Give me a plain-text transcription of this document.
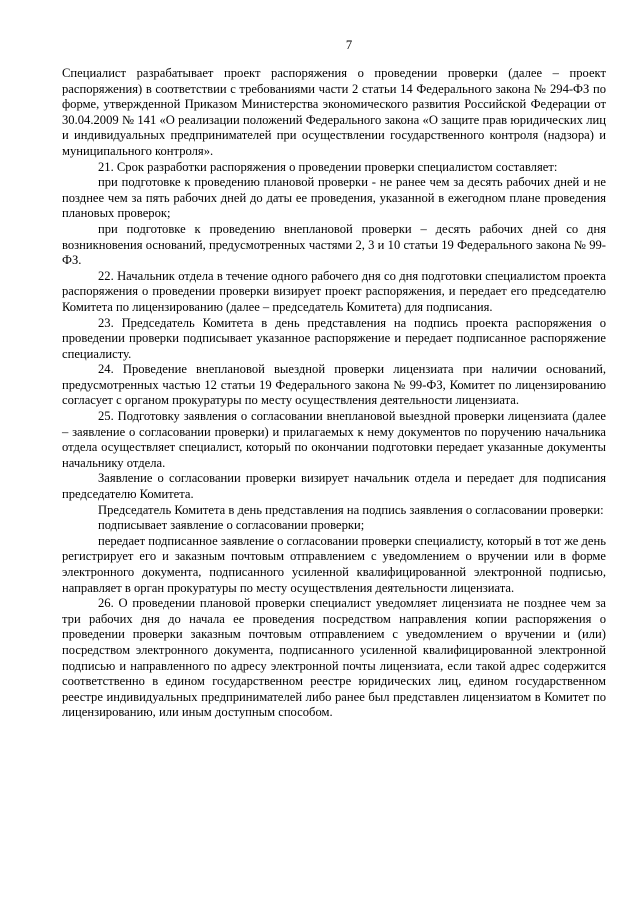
7

Специалист разрабатывает проект распоряжения о проведении проверки (далее – проект распоряжения) в соответствии с требованиями части 2 статьи 14 Федерального закона № 294-ФЗ по форме, утвержденной Приказом Министерства экономического развития Российской Федерации от 30.04.2009 № 141 «О реализации положений Федерального закона «О защите прав юридических лиц и индивидуальных предпринимателей при осуществлении государственного контроля (надзора) и муниципального контроля».

21. Срок разработки распоряжения о проведении проверки специалистом составляет:

при подготовке к проведению плановой проверки - не ранее чем за десять рабочих дней и не позднее чем за пять рабочих дней до даты ее проведения, указанной в ежегодном плане проведения плановых проверок;

при подготовке к проведению внеплановой проверки – десять рабочих дней со дня возникновения оснований, предусмотренных частями 2, 3 и 10 статьи 19 Федерального закона № 99-ФЗ.

22. Начальник отдела в течение одного рабочего дня со дня подготовки специалистом проекта распоряжения о проведении проверки визирует проект распоряжения, и передает его председателю Комитета по лицензированию (далее – председатель Комитета) для подписания.

23. Председатель Комитета в день представления на подпись проекта распоряжения о проведении проверки подписывает указанное распоряжение и передает подписанное распоряжение специалисту.

24. Проведение внеплановой выездной проверки лицензиата при наличии оснований, предусмотренных частью 12 статьи 19 Федерального закона № 99-ФЗ, Комитет по лицензированию согласует с органом прокуратуры по месту осуществления деятельности лицензиата.

25. Подготовку заявления о согласовании внеплановой выездной проверки лицензиата (далее – заявление о согласовании проверки) и прилагаемых к нему документов по поручению начальника отдела осуществляет специалист, который по окончании подготовки передает указанные документы начальнику отдела.

Заявление о согласовании проверки визирует начальник отдела и передает для подписания председателю Комитета.

Председатель Комитета в день представления на подпись заявления о согласовании проверки:

подписывает заявление о согласовании проверки;

передает подписанное заявление о согласовании проверки специалисту, который в тот же день регистрирует его и заказным почтовым отправлением с уведомлением о вручении или в форме электронного документа, подписанного усиленной квалифицированной электронной подписью, направляет в орган прокуратуры по месту осуществления деятельности лицензиата.

26. О проведении плановой проверки специалист уведомляет лицензиата не позднее чем за три рабочих дня до начала ее проведения посредством направления копии распоряжения о проведении проверки заказным почтовым отправлением с уведомлением о вручении и (или) посредством электронного документа, подписанного усиленной квалифицированной электронной подписью и направленного по адресу электронной почты лицензиата, если такой адрес содержится соответственно в едином государственном реестре юридических лиц, едином государственном реестре индивидуальных предпринимателей либо ранее был представлен лицензиатом в Комитет по лицензированию, или иным доступным способом.
